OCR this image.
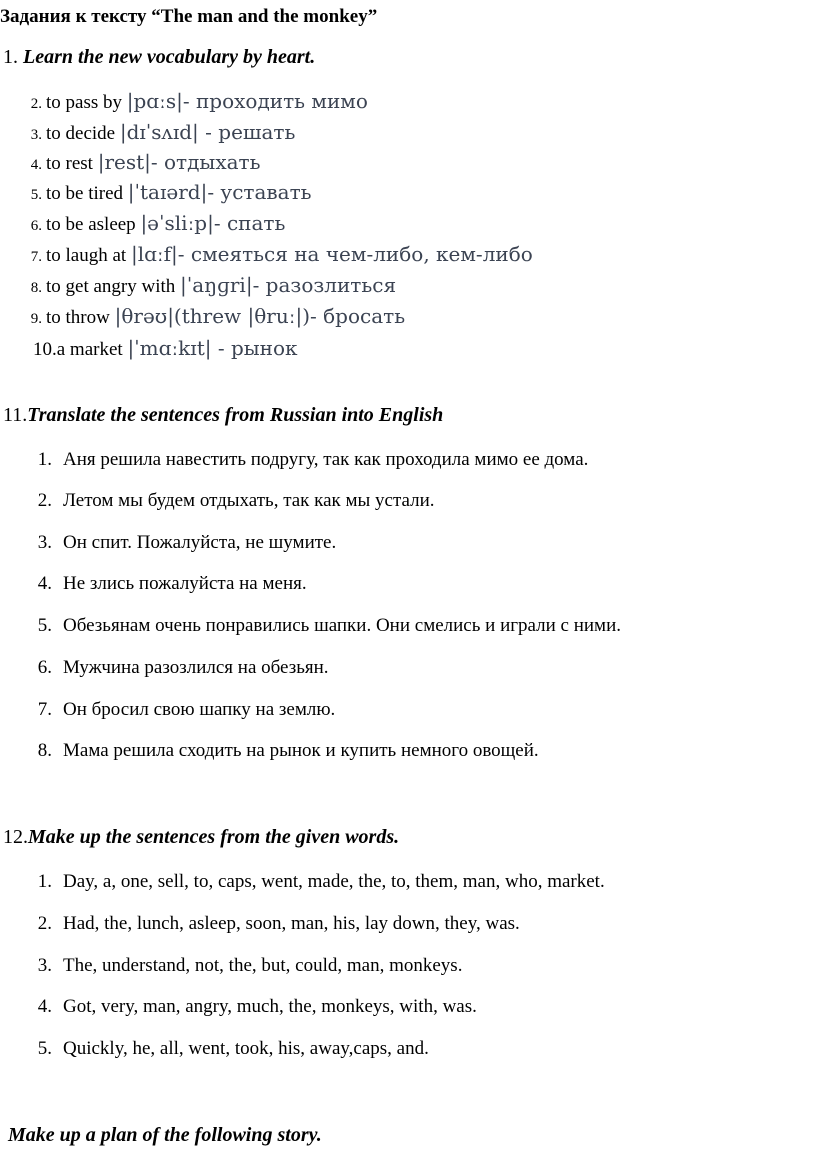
Задания к тексту “The man and the monkey”
1. Learn the new vocabulary by heart.
2. to pass by |pɑːs|- проходить мимо
3. to decide |dɪˈsʌɪd| - решать
4. to rest |rest|- отдыхать
5. to be tired |ˈtaɪərd|- уставать
6. to be asleep |əˈsliːp|- спать
7. to laugh at |lɑːf|- смеяться на чем-либо, кем-либо
8. to get angry with |ˈaŋɡri|- разозлиться
9. to throw |θrəʊ|(threw |θruː|)- бросать
10.a market |ˈmɑːkɪt| - рынок
11.Translate the sentences from Russian into English
1. Аня решила навестить подругу, так как проходила мимо ее дома.
2. Летом мы будем отдыхать, так как мы устали.
3. Он спит. Пожалуйста, не шумите.
4. Не злись пожалуйста на меня.
5. Обезьянам очень понравились шапки. Они смелись и играли с ними.
6. Мужчина разозлился на обезьян.
7. Он бросил свою шапку на землю.
8. Мама решила сходить на рынок и купить немного овощей.
12.Make up the sentences from the given words.
1. Day, a, one, sell, to, caps, went, made, the, to, them, man, who, market.
2. Had, the, lunch, asleep, soon, man, his, lay down, they, was.
3. The, understand, not, the, but, could, man, monkeys.
4. Got, very, man, angry, much, the, monkeys, with, was.
5. Quickly, he, all, went, took, his, away,caps, and.
Make up a plan of the following story.
